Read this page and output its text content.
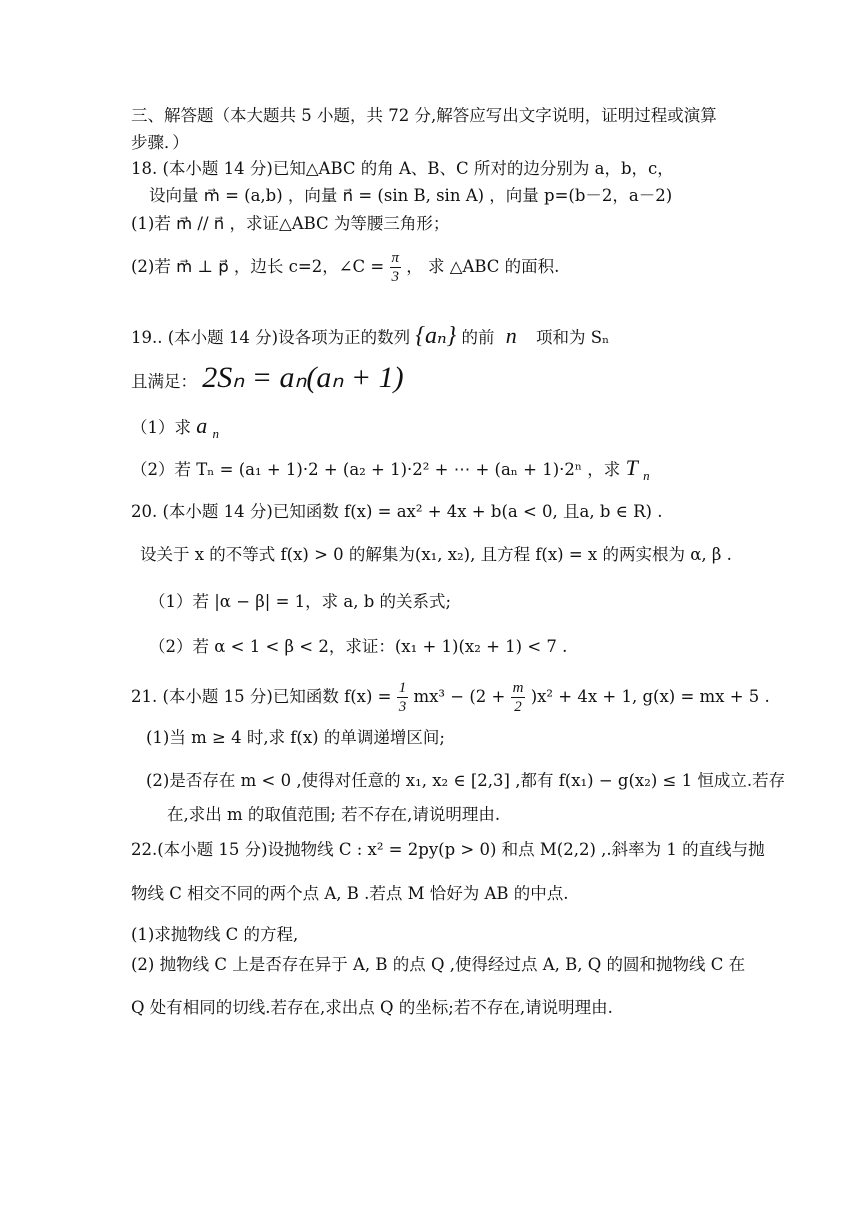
三、解答题（本大题共 5 小题，共 72 分,解答应写出文字说明，证明过程或演算
步骤．）
18. (本小题 14 分)已知△ABC 的角 A、B、C 所对的边分别为 a，b，c，
设向量 m⃗ = (a,b) ，向量 n⃗ = (sin B, sin A) ，向量 p=(b－2，a－2)
(1)若 m⃗ // n⃗ ，求证△ABC 为等腰三角形；
(2)若 m⃗ ⊥ p⃗ ，边长 c=2，∠C = $\frac{\pi}{3}$ ， 求 △ABC 的面积.
19.. (本小题 14 分)设各项为正的数列 {aₙ} 的前 n 项和为 Sₙ
且满足： 2Sₙ = aₙ(aₙ + 1)
（1）求 a $_n$
（2）若 Tₙ = (a₁ + 1)·2 + (a₂ + 1)·2² + ⋯ + (aₙ + 1)·2ⁿ ，求 T $_n$
20. (本小题 14 分)已知函数 f(x) = ax² + 4x + b(a < 0, 且a, b ∈ R) .
设关于 x 的不等式 f(x) > 0 的解集为(x₁, x₂), 且方程 f(x) = x 的两实根为 α, β .
（1）若 |α − β| = 1，求 a, b 的关系式;
（2）若 α < 1 < β < 2，求证：(x₁ + 1)(x₂ + 1) < 7 .
21. (本小题 15 分)已知函数 $f(x) = \frac{1}{3} mx^3 - (2 + \frac{m}{2} )x^2 + 4x + 1$, g(x) = mx + 5 .
(1)当 m ≥ 4 时,求 f(x) 的单调递增区间;
(2)是否存在 m < 0 ,使得对任意的 x₁, x₂ ∈ [2,3] ,都有 f(x₁) − g(x₂) ≤ 1 恒成立.若存
在,求出 m 的取值范围; 若不存在,请说明理由.
22.(本小题 15 分)设抛物线 C : x² = 2py(p > 0) 和点 M(2,2) ,.斜率为 1 的直线与抛
物线 C 相交不同的两个点 A, B .若点 M 恰好为 AB 的中点.
(1)求抛物线 C 的方程,
(2) 抛物线 C 上是否存在异于 A, B 的点 Q ,使得经过点 A, B, Q 的圆和抛物线 C 在
Q 处有相同的切线.若存在,求出点 Q 的坐标;若不存在,请说明理由.
